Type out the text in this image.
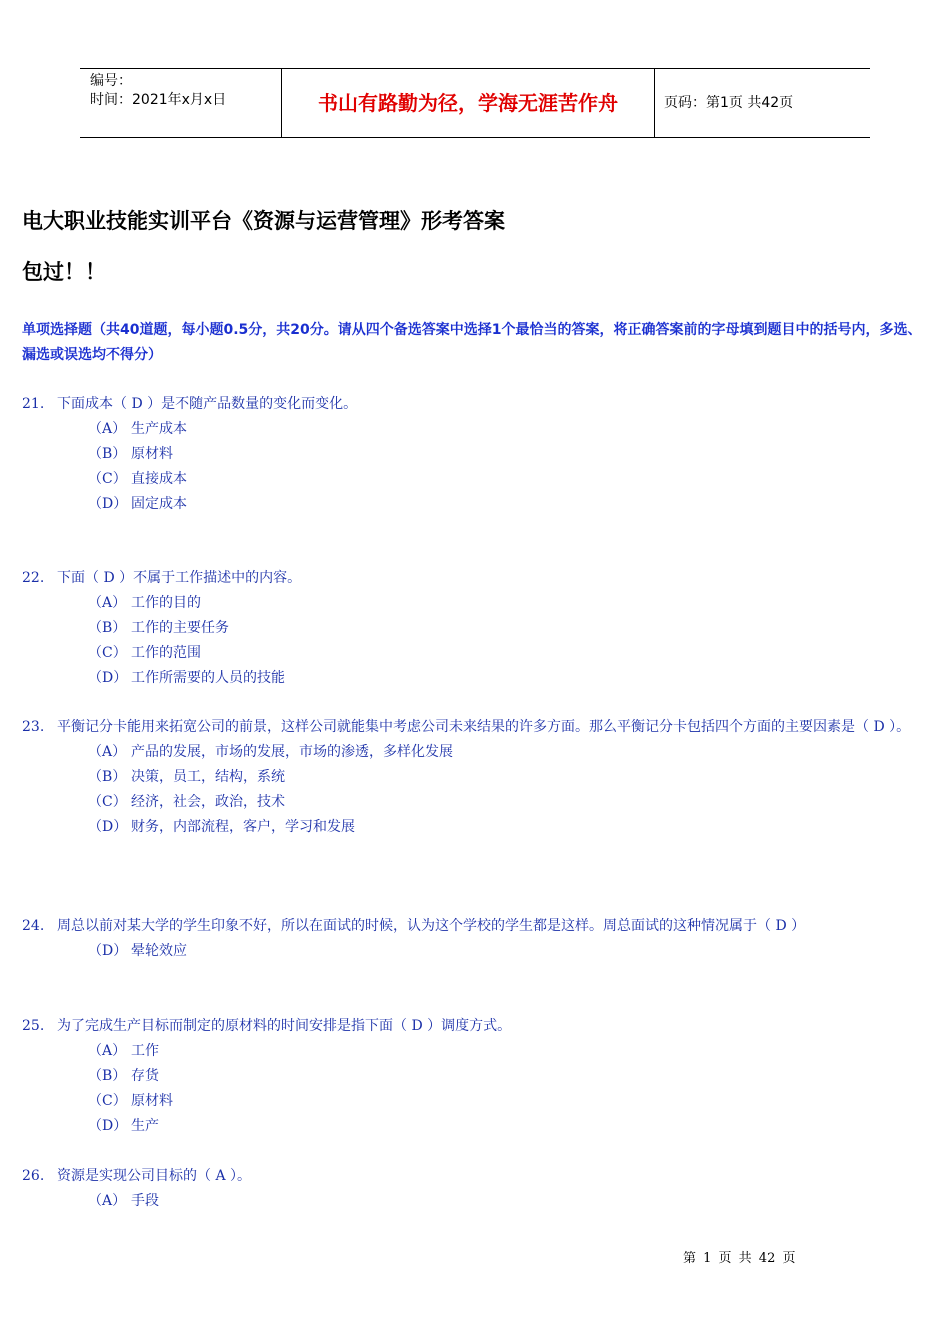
编号：
时间：2021年x月x日	书山有路勤为径，学海无涯苦作舟	页码：第1页 共42页
电大职业技能实训平台《资源与运营管理》形考答案
包过！！
单项选择题（共40道题，每小题0.5分，共20分。请从四个备选答案中选择1个最恰当的答案，将正确答案前的字母填到题目中的括号内，多选、漏选或误选均不得分）
21. 下面成本（ D ）是不随产品数量的变化而变化。
（A） 生产成本
（B） 原材料
（C） 直接成本
（D） 固定成本
22. 下面（ D ）不属于工作描述中的内容。
（A） 工作的目的
（B） 工作的主要任务
（C） 工作的范围
（D） 工作所需要的人员的技能
23. 平衡记分卡能用来拓宽公司的前景，这样公司就能集中考虑公司未来结果的许多方面。那么平衡记分卡包括四个方面的主要因素是（ D ）。
（A） 产品的发展，市场的发展，市场的渗透，多样化发展
（B） 决策，员工，结构，系统
（C） 经济，社会，政治，技术
（D） 财务，内部流程，客户，学习和发展
24. 周总以前对某大学的学生印象不好，所以在面试的时候，认为这个学校的学生都是这样。周总面试的这种情况属于（ D ）
（D） 晕轮效应
25. 为了完成生产目标而制定的原材料的时间安排是指下面（ D ）调度方式。
（A） 工作
（B） 存货
（C） 原材料
（D） 生产
26. 资源是实现公司目标的（ A ）。
（A） 手段
第 1 页 共 42 页
